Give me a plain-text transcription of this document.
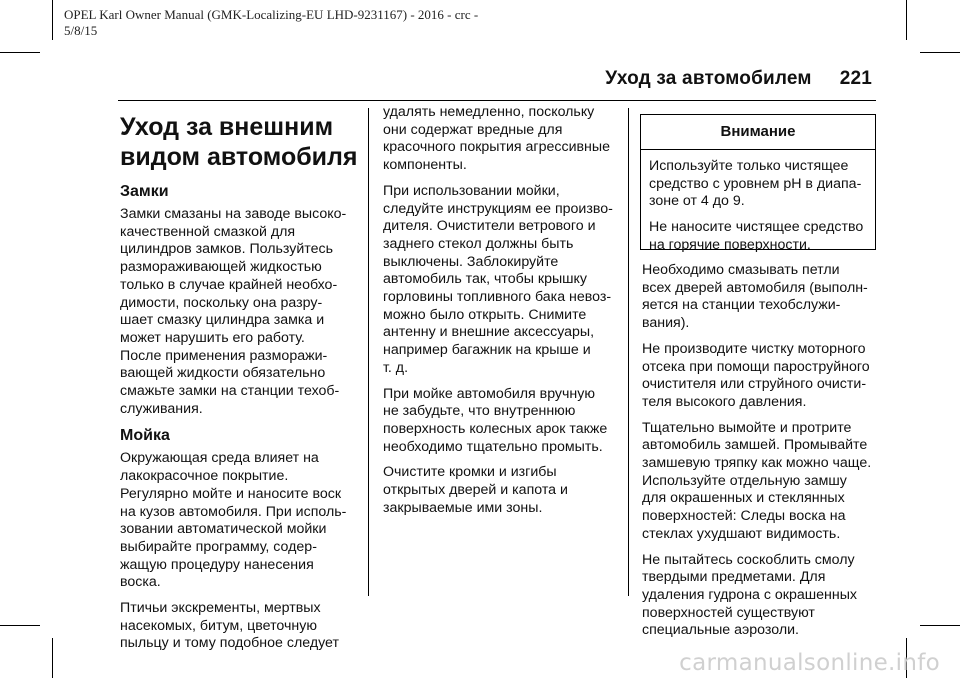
OPEL Karl Owner Manual (GMK-Localizing-EU LHD-9231167) - 2016 - crc -
5/8/15
Уход за автомобилем 221
Уход за внешним
видом автомобиля
Замки

Замки смазаны на заводе высоко-
качественной смазкой для
цилиндров замков. Пользуйтесь
размораживающей жидкостью
только в случае крайней необхо-
димости, поскольку она разру-
шает смазку цилиндра замка и
может нарушить его работу.
После применения разморажи-
вающей жидкости обязательно
смажьте замки на станции техоб-
служивания.

Мойка

Окружающая среда влияет на
лакокрасочное покрытие.
Регулярно мойте и наносите воск
на кузов автомобиля. При исполь-
зовании автоматической мойки
выбирайте программу, содер-
жащую процедуру нанесения
воска.

Птичьи экскременты, мертвых
насекомых, битум, цветочную
пыльцу и тому подобное следует

удалять немедленно, поскольку
они содержат вредные для
красочного покрытия агрессивные
компоненты.

При использовании мойки,
следуйте инструкциям ее произво-
дителя. Очистители ветрового и
заднего стекол должны быть
выключены. Заблокируйте
автомобиль так, чтобы крышку
горловины топливного бака невоз-
можно было открыть. Снимите
антенну и внешние аксессуары,
например багажник на крыше и
т. д.

При мойке автомобиля вручную
не забудьте, что внутреннюю
поверхность колесных арок также
необходимо тщательно промыть.

Очистите кромки и изгибы
открытых дверей и капота и
закрываемые ими зоны.

Внимание

Используйте только чистящее
средство с уровнем pH в диапа-
зоне от 4 до 9.

Не наносите чистящее средство
на горячие поверхности.

Необходимо смазывать петли
всех дверей автомобиля (выполн-
яется на станции техобслужи-
вания).

Не производите чистку моторного
отсека при помощи пароструйного
очистителя или струйного очисти-
теля высокого давления.

Тщательно вымойте и протрите
автомобиль замшей. Промывайте
замшевую тряпку как можно чаще.
Используйте отдельную замшу
для окрашенных и стеклянных
поверхностей: Следы воска на
стеклах ухудшают видимость.

Не пытайтесь соскоблить смолу
твердыми предметами. Для
удаления гудрона с окрашенных
поверхностей существуют
специальные аэрозоли.

carmanualsonline.info
